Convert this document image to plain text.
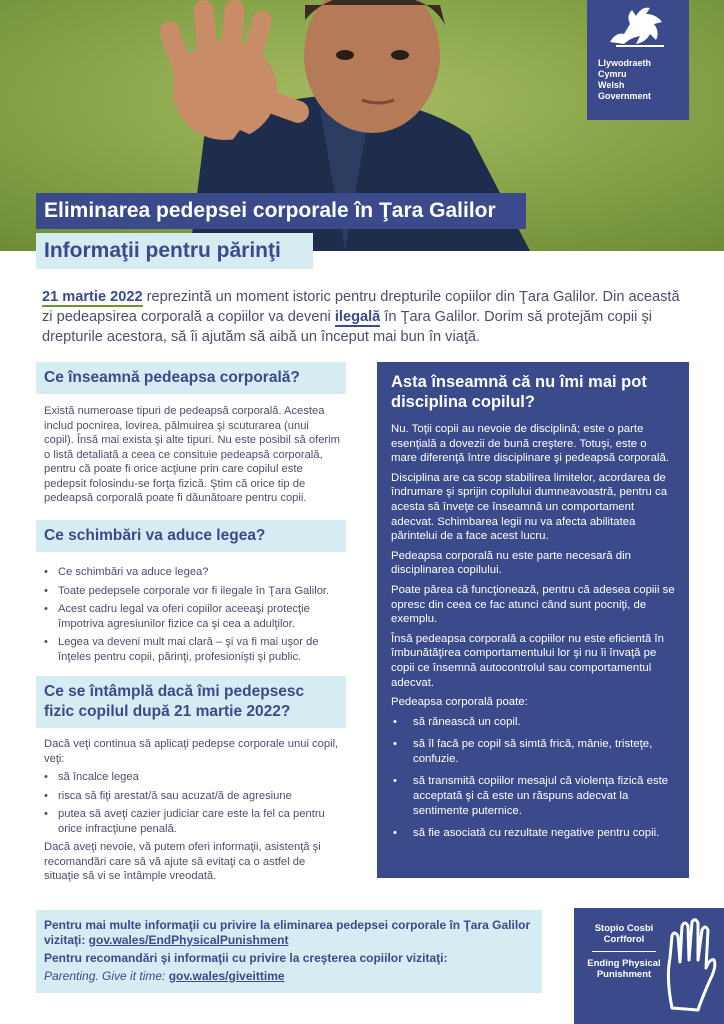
Llywodraeth Cymru
Welsh Government
Eliminarea pedepsei corporale în Ţara Galilor
Informaţii pentru părinţi

21 martie 2022 reprezintă un moment istoric pentru drepturile copiilor din Ţara Galilor. Din această zi pedeapsirea corporală a copiilor va deveni ilegală în Ţara Galilor. Dorim să protejăm copii şi drepturile acestora, să îi ajutăm să aibă un început mai bun în viaţă.

Ce înseamnă pedeapsa corporală?

Există numeroase tipuri de pedeapsă corporală. Acestea includ pocnirea, lovirea, pălmuirea şi scuturarea (unui copil). Însă mai exista şi alte tipuri. Nu este posibil să oferim o listă detaliată a ceea ce consituie pedeapsă corporală, pentru că poate fi orice acţiune prin care copilul este pedepsit folosindu-se forţa fizică. Ştim că orice tip de pedeapsă corporală poate fi dăunătoare pentru copii.

Ce schimbări va aduce legea?
• Ce schimbări va aduce legea?
• Toate pedepsele corporale vor fi ilegale în Ţara Galilor.
• Acest cadru legal va oferi copiilor aceeaşi protecţie împotriva agresiunilor fizice ca şi cea a adulţilor.
• Legea va deveni mult mai clară – şi va fi mai uşor de înţeles pentru copii, părinţi, profesionişti şi public.
Ce se întâmplă dacă îmi pedepsesc fizic copilul după 21 martie 2022?

Dacă veţi continua să aplicaţi pedepse corporale unui copil, veţi:

• să încalce legea
• risca să fiţi arestat/ă sau acuzat/ă de agresiune
• putea să aveţi cazier judiciar care este la fel ca pentru orice infracţiune penală.

Dacă aveţi nevoie, vă putem oferi informaţii, asistenţă şi recomandări care să vă ajute să evitaţi ca o astfel de situaţie să vi se întâmple vreodată.

Asta înseamnă că nu îmi mai pot disciplina copilul?

Nu. Toţii copii au nevoie de disciplină; este o parte esenţială a dovezii de bună creştere. Totuşi, este o mare diferenţă între disciplinare şi pedeapsă corporală.

Disciplina are ca scop stabilirea limitelor, acordarea de îndrumare şi sprijin copilului dumneavoastră, pentru ca acesta să înveţe ce înseamnă un comportament adecvat. Schimbarea legii nu va afecta abilitatea părintelui de a face acest lucru.

Pedeapsa corporală nu este parte necesară din disciplinarea copilului.

Poate părea că funcţionează, pentru că adesea copiii se opresc din ceea ce fac atunci când sunt pocniţi, de exemplu.

Însă pedeapsa corporală a copiilor nu este eficientă în îmbunătăţirea comportamentului lor şi nu îi învaţă pe copii ce însemnă autocontrolul sau comportamentul adecvat.

Pedeapsa corporală poate:

• să rănească un copil.
• să îl facă pe copil să simtă frică, mânie, tristeţe, confuzie.
• să transmită copiilor mesajul că violenţa fizică este acceptată şi că este un răspuns adecvat la sentimente puternice.
• să fie asociată cu rezultate negative pentru copii.

Pentru mai multe informaţii cu privire la eliminarea pedepsei corporale în Ţara Galilor vizitaţi: gov.wales/EndPhysicalPunishment

Pentru recomandări şi informaţii cu privire la creşterea copiilor vizitaţi:

Parenting. Give it time: gov.wales/giveittime

Stopio Cosbi Corfforol
Ending Physical Punishment
